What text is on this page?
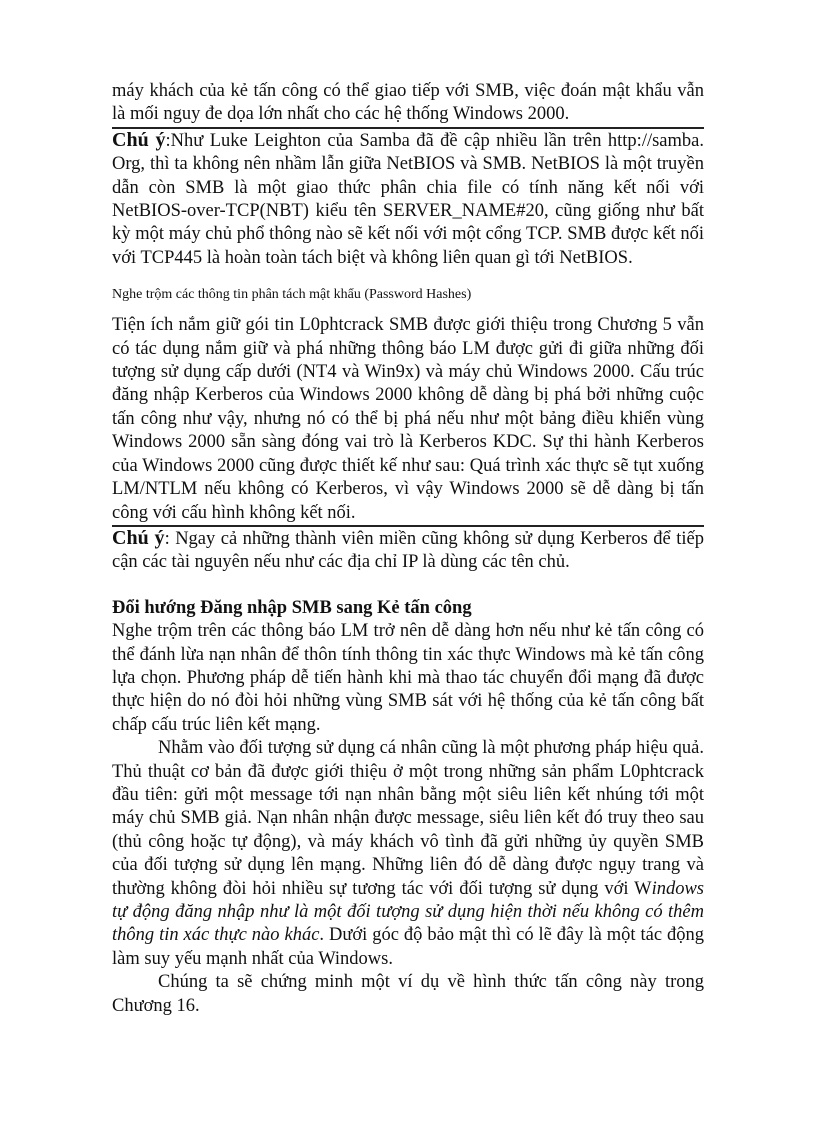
máy khách của kẻ tấn công có thể giao tiếp với SMB, việc đoán mật khẩu vẫn là mối nguy đe dọa lớn nhất cho các hệ thống Windows 2000.

Chú ý:Như Luke Leighton của Samba đã đề cập nhiều lần trên http://samba. Org, thì ta không nên nhầm lẫn giữa NetBIOS và SMB. NetBIOS là một truyền dẫn còn SMB là một giao thức phân chia file có tính năng kết nối với NetBIOS-over-TCP(NBT) kiểu tên SERVER_NAME#20, cũng giống như bất kỳ một máy chủ phổ thông nào sẽ kết nối với một cổng TCP. SMB được kết nối với TCP445 là hoàn toàn tách biệt và không liên quan gì tới NetBIOS.

Nghe trộm các thông tin phân tách mật khẩu (Password Hashes)

Tiện ích nắm giữ gói tin L0phtcrack SMB được giới thiệu trong Chương 5 vẫn có tác dụng nắm giữ và phá những thông báo LM được gửi đi giữa những đối tượng sử dụng cấp dưới (NT4 và Win9x) và máy chủ Windows 2000. Cấu trúc đăng nhập Kerberos của Windows 2000 không dễ dàng bị phá bởi những cuộc tấn công như vậy, nhưng nó có thể bị phá nếu như một bảng điều khiển vùng Windows 2000 sẵn sàng đóng vai trò là Kerberos KDC. Sự thi hành Kerberos của Windows 2000 cũng được thiết kế như sau: Quá trình xác thực sẽ tụt xuống LM/NTLM nếu không có Kerberos, vì vậy Windows 2000 sẽ dễ dàng bị tấn công với cấu hình không kết nối.

Chú ý: Ngay cả những thành viên miền cũng không sử dụng Kerberos để tiếp cận các tài nguyên nếu như các địa chỉ IP là dùng các tên chủ.

Đổi hướng Đăng nhập SMB sang Kẻ tấn công

Nghe trộm trên các thông báo LM trở nên dễ dàng hơn nếu như kẻ tấn công có thể đánh lừa nạn nhân để thôn tính thông tin xác thực Windows mà kẻ tấn công lựa chọn. Phương pháp dễ tiến hành khi mà thao tác chuyển đổi mạng đã được thực hiện do nó đòi hỏi những vùng SMB sát với hệ thống của kẻ tấn công bất chấp cấu trúc liên kết mạng.

Nhằm vào đối tượng sử dụng cá nhân cũng là một phương pháp hiệu quả. Thủ thuật cơ bản đã được giới thiệu ở một trong những sản phẩm L0phtcrack đầu tiên: gửi một message tới nạn nhân bằng một siêu liên kết nhúng tới một máy chủ SMB giả. Nạn nhân nhận được message, siêu liên kết đó truy theo sau (thủ công hoặc tự động), và máy khách vô tình đã gửi những ủy quyền SMB của đối tượng sử dụng lên mạng. Những liên đó dễ dàng được ngụy trang và thường không đòi hỏi nhiều sự tương tác với đối tượng sử dụng với Windows tự động đăng nhập như là một đối tượng sử dụng hiện thời nếu không có thêm thông tin xác thực nào khác. Dưới góc độ bảo mật thì có lẽ đây là một tác động làm suy yếu mạnh nhất của Windows.

Chúng ta sẽ chứng minh một ví dụ về hình thức tấn công này trong Chương 16.
